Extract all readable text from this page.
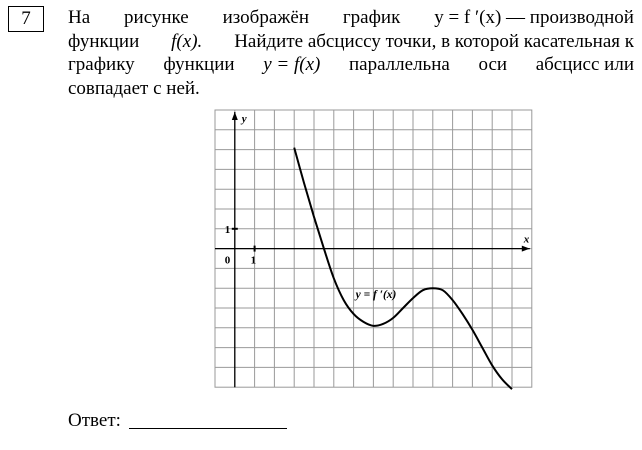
7 На рисунке изображён график y = f ′(x) — производной
функции f(x). Найдите абсциссу точки, в которой касательная к
графику функции y = f(x) параллельна оси абсцисс или
совпадает с ней.
x
y
0 1
1
y = f ′(x)
Ответ:
